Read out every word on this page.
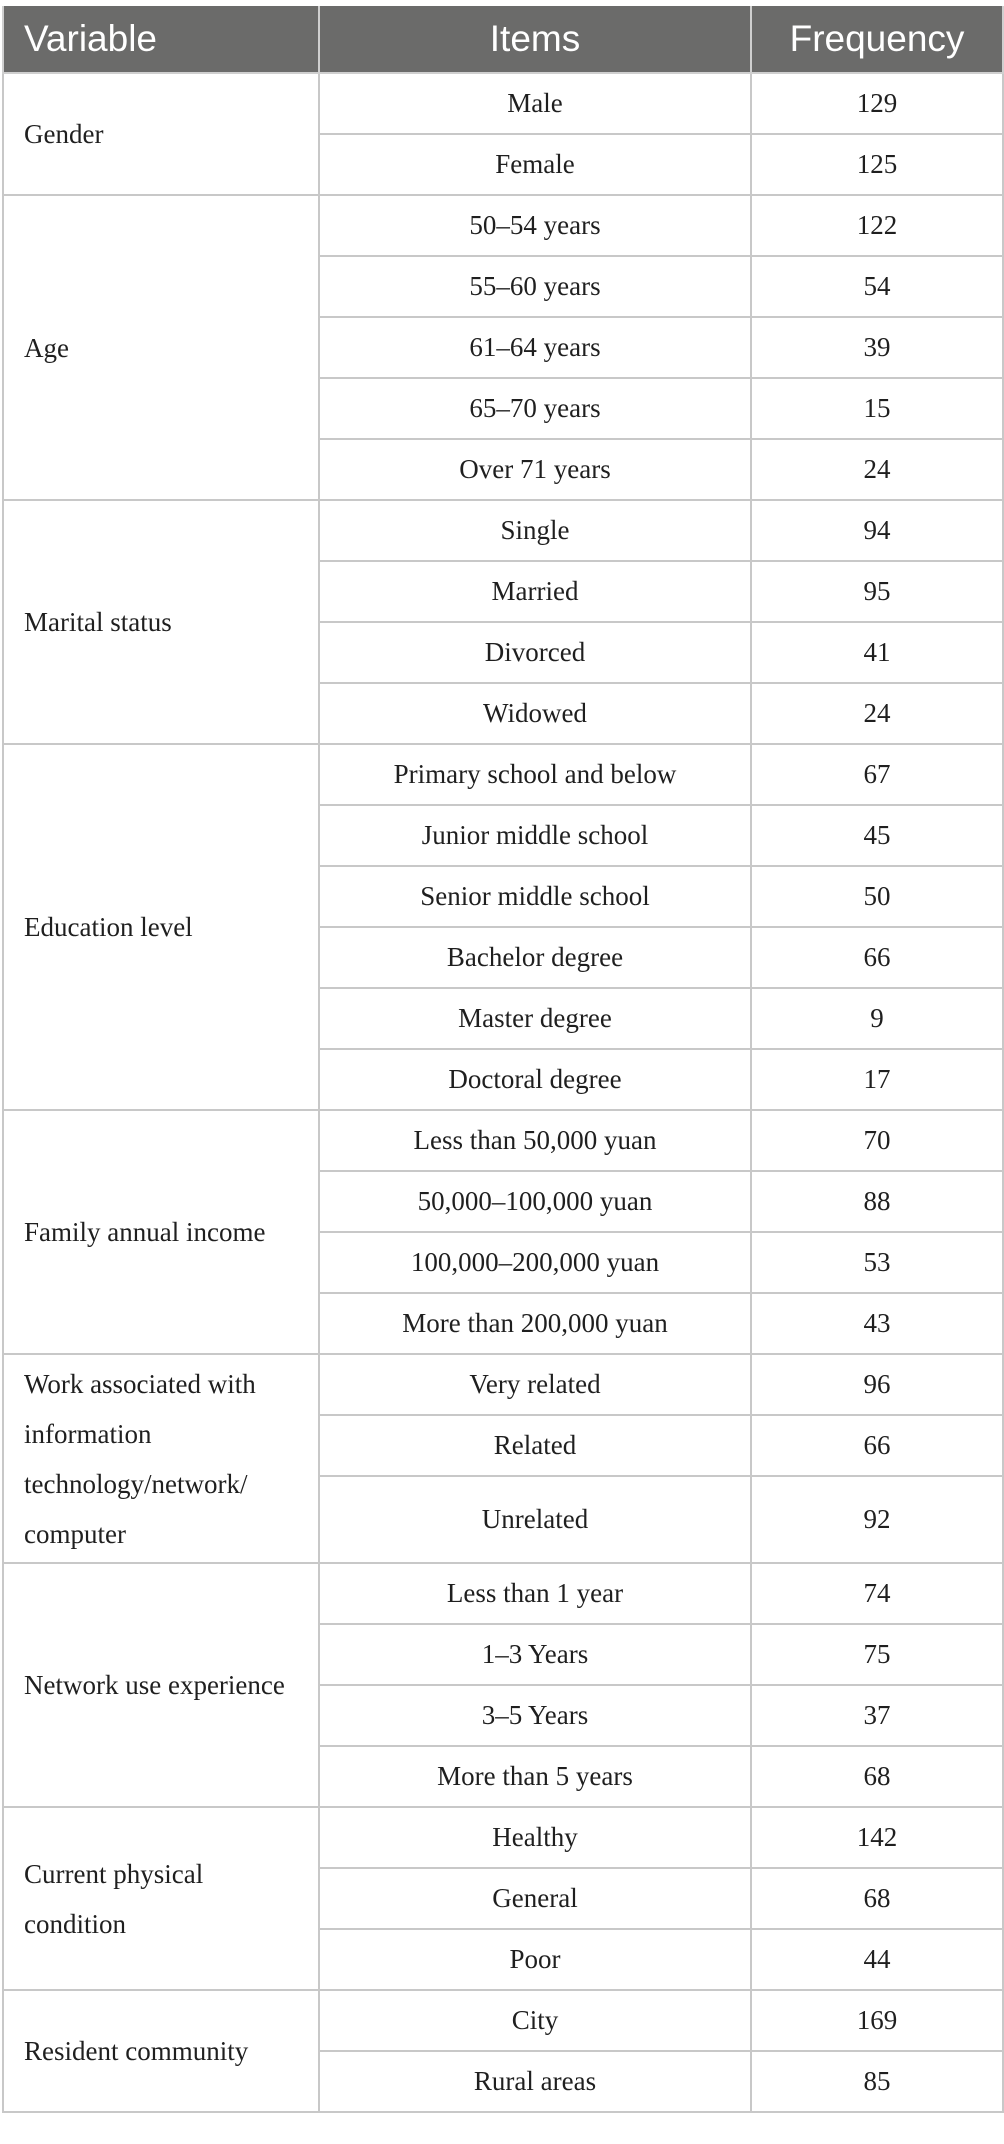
Variable	Items	Frequency
Gender	Male	129
	Female	125
Age	50–54 years	122
	55–60 years	54
	61–64 years	39
	65–70 years	15
	Over 71 years	24
Marital status	Single	94
	Married	95
	Divorced	41
	Widowed	24
Education level	Primary school and below	67
	Junior middle school	45
	Senior middle school	50
	Bachelor degree	66
	Master degree	9
	Doctoral degree	17
Family annual income	Less than 50,000 yuan	70
	50,000–100,000 yuan	88
	100,000–200,000 yuan	53
	More than 200,000 yuan	43
Work associated with information technology/network/ computer	Very related	96
	Related	66
	Unrelated	92
Network use experience	Less than 1 year	74
	1–3 Years	75
	3–5 Years	37
	More than 5 years	68
Current physical condition	Healthy	142
	General	68
	Poor	44
Resident community	City	169
	Rural areas	85
